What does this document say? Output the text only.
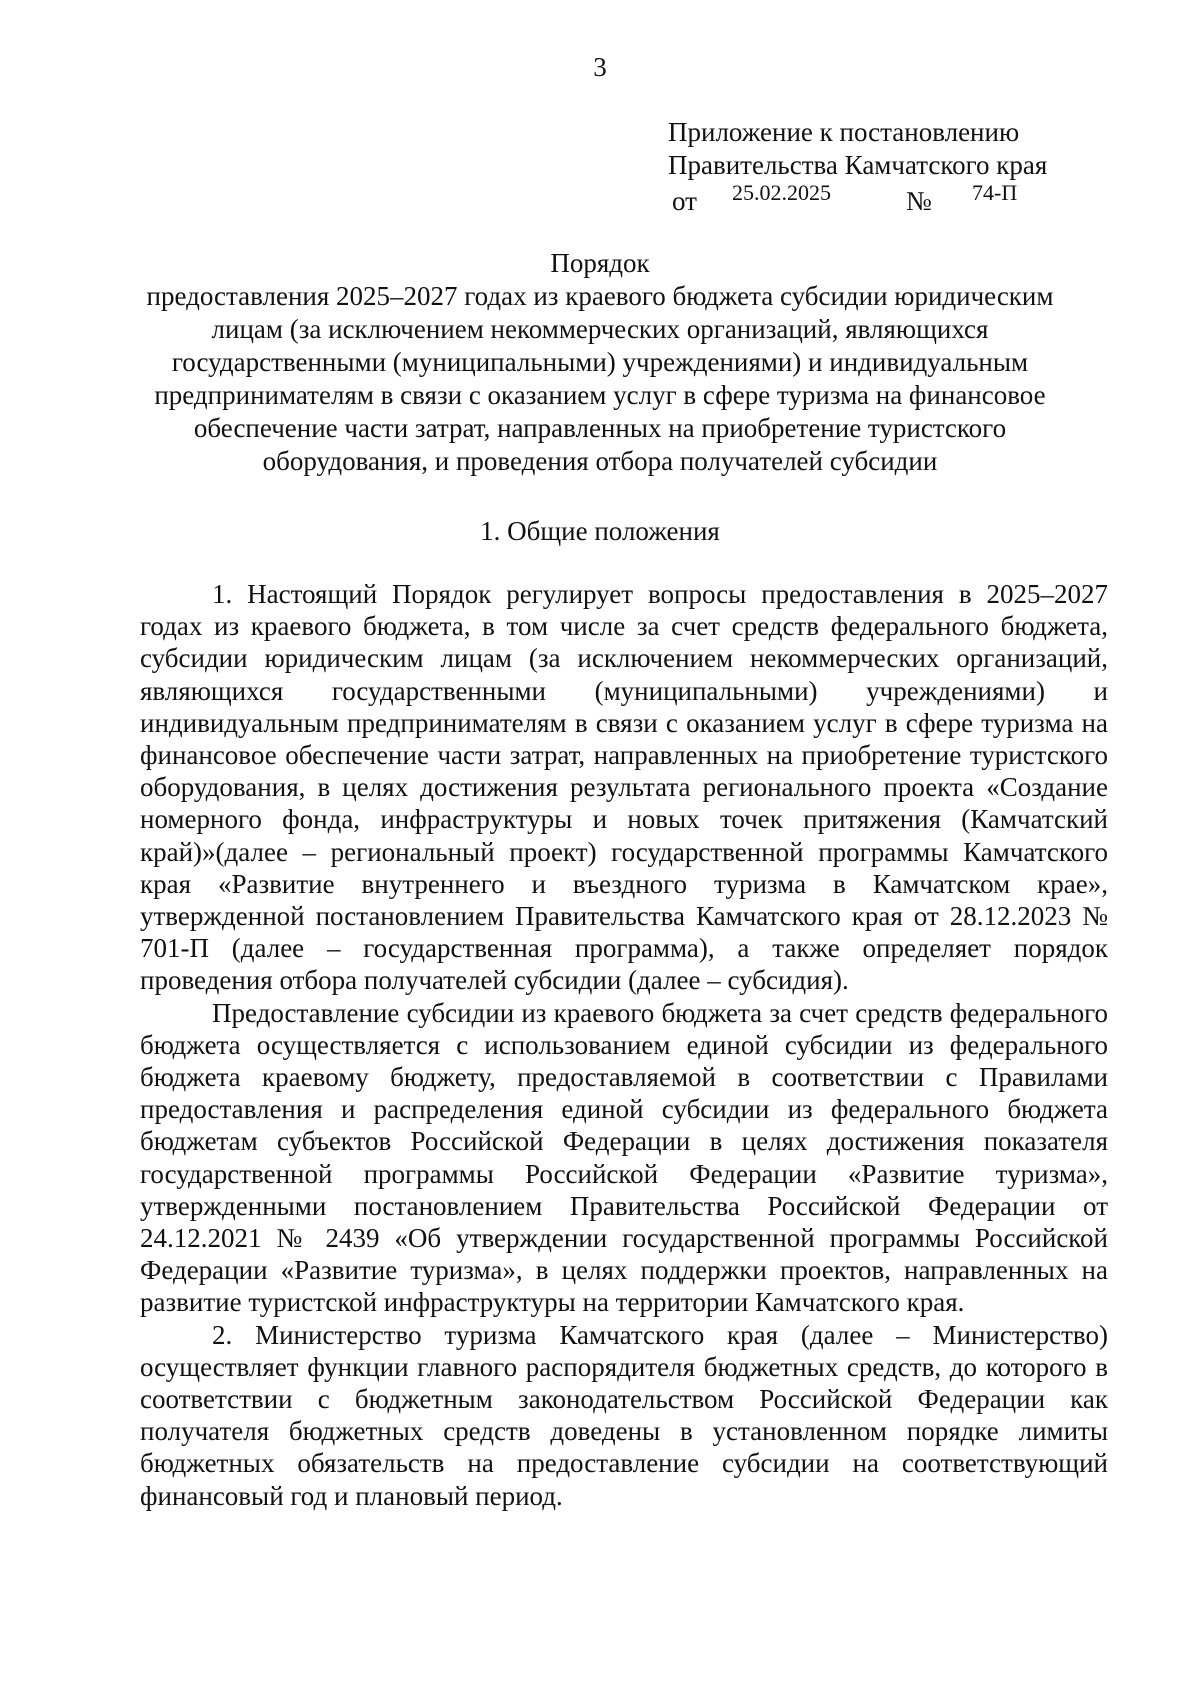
3
Приложение к постановлению
Правительства Камчатского края
от 25.02.2025	№ 74-П
Порядок
предоставления 2025–2027 годах из краевого бюджета субсидии юридическим
лицам (за исключением некоммерческих организаций, являющихся
государственными (муниципальными) учреждениями) и индивидуальным
предпринимателям в связи с оказанием услуг в сфере туризма на финансовое
обеспечение части затрат, направленных на приобретение туристского
оборудования, и проведения отбора получателей субсидии
1. Общие положения

1. Настоящий Порядок регулирует вопросы предоставления в 2025–2027 годах из краевого бюджета, в том числе за счет средств федерального бюджета, субсидии юридическим лицам (за исключением некоммерческих организаций, являющихся государственными (муниципальными) учреждениями) и индивидуальным предпринимателям в связи с оказанием услуг в сфере туризма на финансовое обеспечение части затрат, направленных на приобретение туристского оборудования, в целях достижения результата регионального проекта «Создание номерного фонда, инфраструктуры и новых точек притяжения (Камчатский край)»(далее – региональный проект) государственной программы Камчатского края «Развитие внутреннего и въездного туризма в Камчатском крае», утвержденной постановлением Правительства Камчатского края от 28.12.2023 № 701-П (далее – государственная программа), а также определяет порядок проведения отбора получателей субсидии (далее – субсидия).

Предоставление субсидии из краевого бюджета за счет средств федерального бюджета осуществляется с использованием единой субсидии из федерального бюджета краевому бюджету, предоставляемой в соответствии с Правилами предоставления и распределения единой субсидии из федерального бюджета бюджетам субъектов Российской Федерации в целях достижения показателя государственной программы Российской Федерации «Развитие туризма», утвержденными постановлением Правительства Российской Федерации от 24.12.2021 № 2439 «Об утверждении государственной программы Российской Федерации «Развитие туризма», в целях поддержки проектов, направленных на развитие туристской инфраструктуры на территории Камчатского края.

2. Министерство туризма Камчатского края (далее – Министерство) осуществляет функции главного распорядителя бюджетных средств, до которого в соответствии с бюджетным законодательством Российской Федерации как получателя бюджетных средств доведены в установленном порядке лимиты бюджетных обязательств на предоставление субсидии на соответствующий финансовый год и плановый период.
